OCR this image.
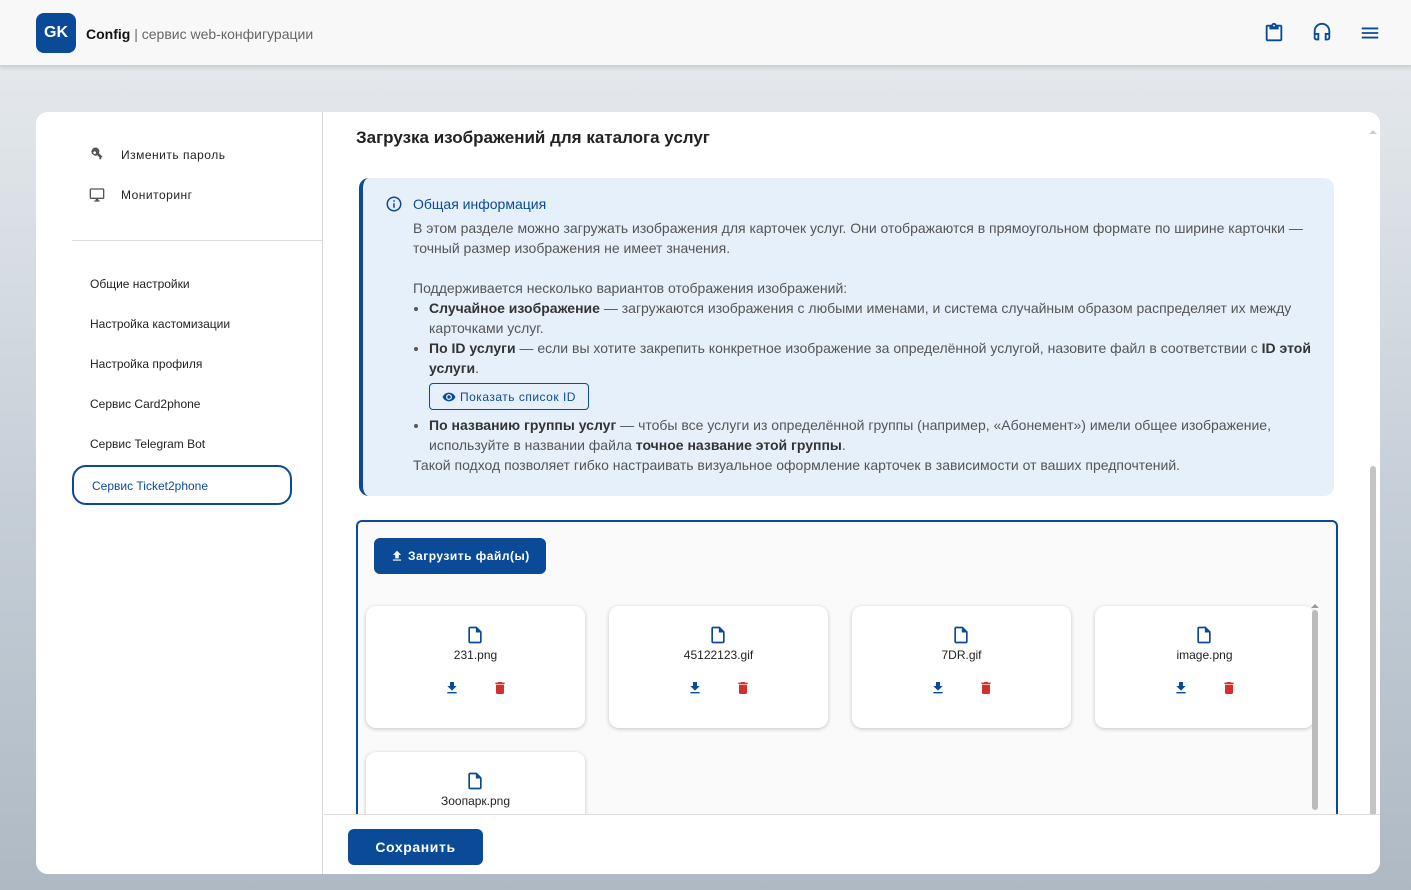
GK	Config | сервис web-конфигурации
Изменить пароль
Мониторинг
Общие настройки
Настройка кастомизации
Настройка профиля
Сервис Card2phone
Сервис Telegram Bot
Сервис Ticket2phone
Загрузка изображений для каталога услуг
Общая информация
В этом разделе можно загружать изображения для карточек услуг. Они отображаются в прямоугольном формате по ширине карточки — точный размер изображения не имеет значения.
Поддерживается несколько вариантов отображения изображений:
• Случайное изображение — загружаются изображения с любыми именами, и система случайным образом распределяет их между карточками услуг.
• По ID услуги — если вы хотите закрепить конкретное изображение за определённой услугой, назовите файл в соответствии с ID этой услуги.

Показать список ID
• По названию группы услуг — чтобы все услуги из определённой группы (например, «Абонемент») имели общее изображение, используйте в названии файла точное название этой группы.
Такой подход позволяет гибко настраивать визуальное оформление карточек в зависимости от ваших предпочтений.
Загрузить файл(ы)
231.png	45122123.gif	7DR.gif	image.png
Зоопарк.png
Сохранить
